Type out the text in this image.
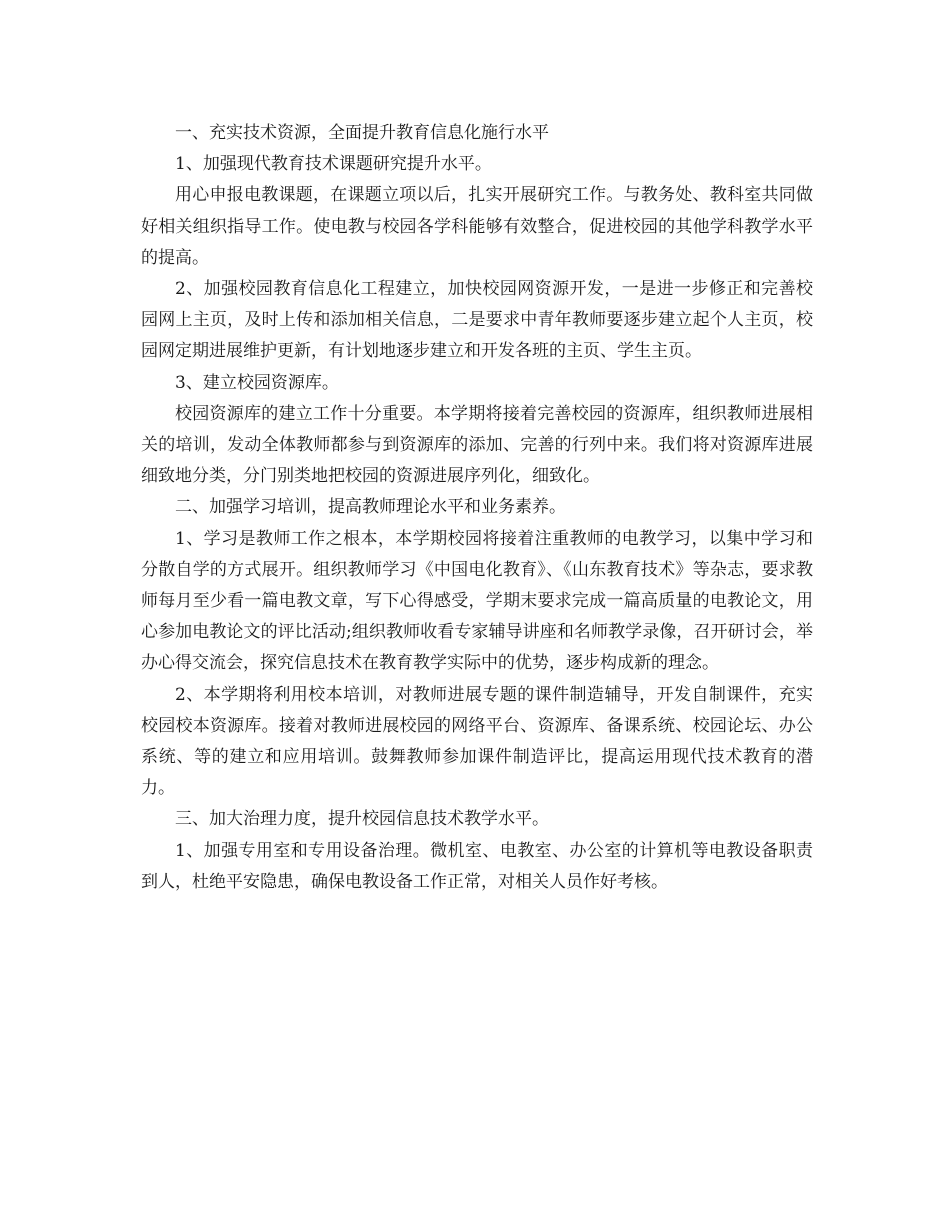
一、充实技术资源，全面提升教育信息化施行水平

1、加强现代教育技术课题研究提升水平。

用心申报电教课题，在课题立项以后，扎实开展研究工作。与教务处、教科室共同做好相关组织指导工作。使电教与校园各学科能够有效整合，促进校园的其他学科教学水平的提高。

2、加强校园教育信息化工程建立，加快校园网资源开发，一是进一步修正和完善校园网上主页，及时上传和添加相关信息，二是要求中青年教师要逐步建立起个人主页，校园网定期进展维护更新，有计划地逐步建立和开发各班的主页、学生主页。

3、建立校园资源库。

校园资源库的建立工作十分重要。本学期将接着完善校园的资源库，组织教师进展相关的培训，发动全体教师都参与到资源库的添加、完善的行列中来。我们将对资源库进展细致地分类，分门别类地把校园的资源进展序列化，细致化。

二、加强学习培训，提高教师理论水平和业务素养。

1、学习是教师工作之根本，本学期校园将接着注重教师的电教学习，以集中学习和分散自学的方式展开。组织教师学习《中国电化教育》、《山东教育技术》等杂志，要求教师每月至少看一篇电教文章，写下心得感受，学期末要求完成一篇高质量的电教论文，用心参加电教论文的评比活动;组织教师收看专家辅导讲座和名师教学录像，召开研讨会，举办心得交流会，探究信息技术在教育教学实际中的优势，逐步构成新的理念。

2、本学期将利用校本培训，对教师进展专题的课件制造辅导，开发自制课件，充实校园校本资源库。接着对教师进展校园的网络平台、资源库、备课系统、校园论坛、办公系统、等的建立和应用培训。鼓舞教师参加课件制造评比，提高运用现代技术教育的潜力。

三、加大治理力度，提升校园信息技术教学水平。

1、加强专用室和专用设备治理。微机室、电教室、办公室的计算机等电教设备职责到人，杜绝平安隐患，确保电教设备工作正常，对相关人员作好考核。
